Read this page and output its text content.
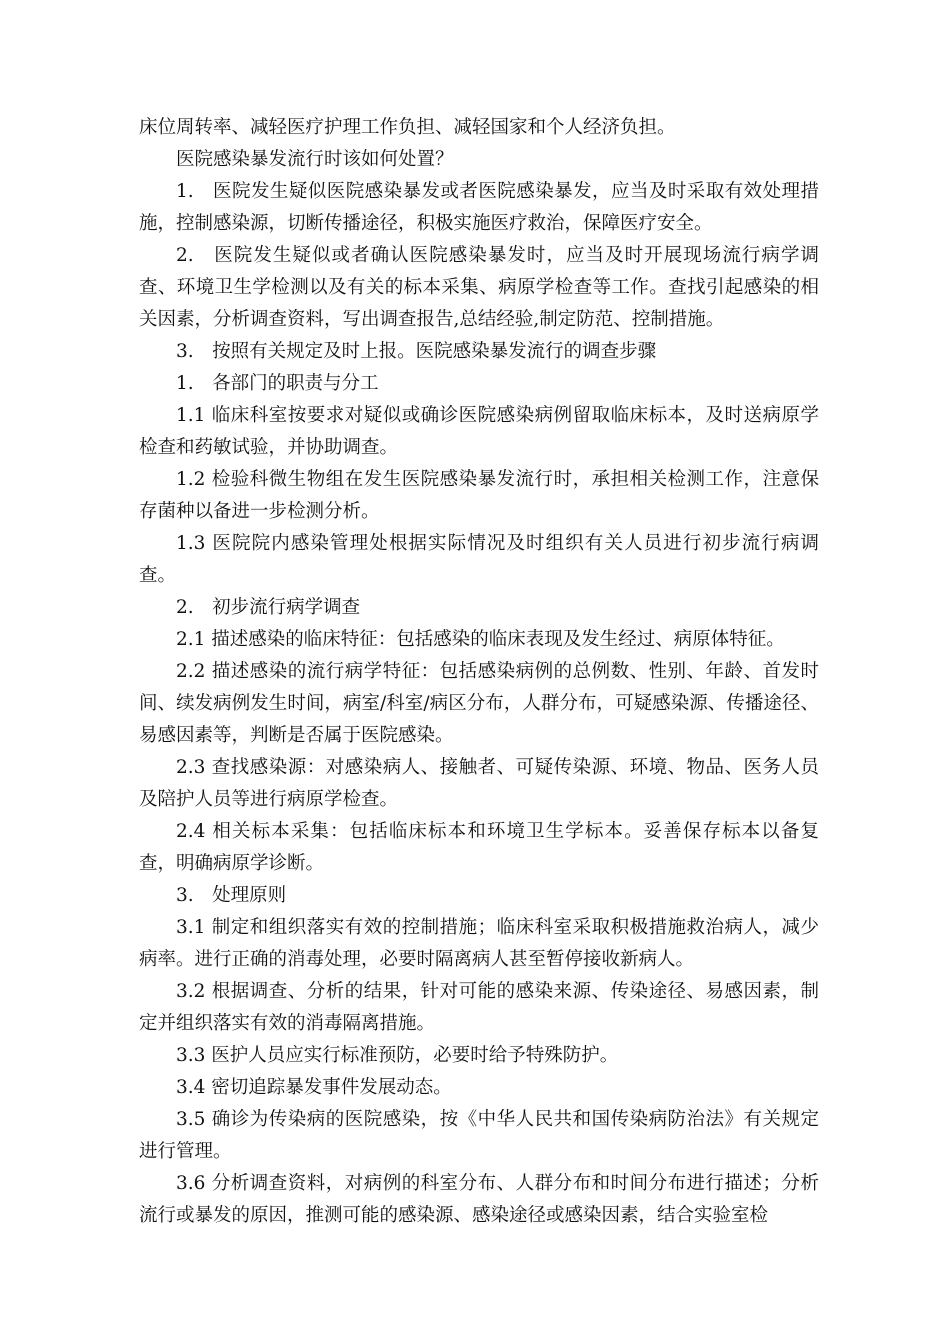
床位周转率、减轻医疗护理工作负担、减轻国家和个人经济负担。

医院感染暴发流行时该如何处置？

1.　医院发生疑似医院感染暴发或者医院感染暴发，应当及时采取有效处理措施，控制感染源，切断传播途径，积极实施医疗救治，保障医疗安全。

2.　医院发生疑似或者确认医院感染暴发时，应当及时开展现场流行病学调查、环境卫生学检测以及有关的标本采集、病原学检查等工作。查找引起感染的相关因素，分析调查资料，写出调查报告,总结经验,制定防范、控制措施。

3.　按照有关规定及时上报。医院感染暴发流行的调查步骤

1.　各部门的职责与分工

1.1 临床科室按要求对疑似或确诊医院感染病例留取临床标本，及时送病原学检查和药敏试验，并协助调查。

1.2 检验科微生物组在发生医院感染暴发流行时，承担相关检测工作，注意保存菌种以备进一步检测分析。

1.3 医院院内感染管理处根据实际情况及时组织有关人员进行初步流行病调查。

2.　初步流行病学调查

2.1 描述感染的临床特征：包括感染的临床表现及发生经过、病原体特征。

2.2 描述感染的流行病学特征：包括感染病例的总例数、性别、年龄、首发时间、续发病例发生时间，病室/科室/病区分布，人群分布，可疑感染源、传播途径、易感因素等，判断是否属于医院感染。

2.3 查找感染源：对感染病人、接触者、可疑传染源、环境、物品、医务人员及陪护人员等进行病原学检查。

2.4 相关标本采集：包括临床标本和环境卫生学标本。妥善保存标本以备复查，明确病原学诊断。

3.　处理原则

3.1 制定和组织落实有效的控制措施；临床科室采取积极措施救治病人，减少病率。进行正确的消毒处理，必要时隔离病人甚至暂停接收新病人。

3.2 根据调查、分析的结果，针对可能的感染来源、传染途径、易感因素，制定并组织落实有效的消毒隔离措施。

3.3 医护人员应实行标准预防，必要时给予特殊防护。

3.4 密切追踪暴发事件发展动态。

3.5 确诊为传染病的医院感染，按《中华人民共和国传染病防治法》有关规定进行管理。

3.6 分析调查资料，对病例的科室分布、人群分布和时间分布进行描述；分析流行或暴发的原因，推测可能的感染源、感染途径或感染因素，结合实验室检
